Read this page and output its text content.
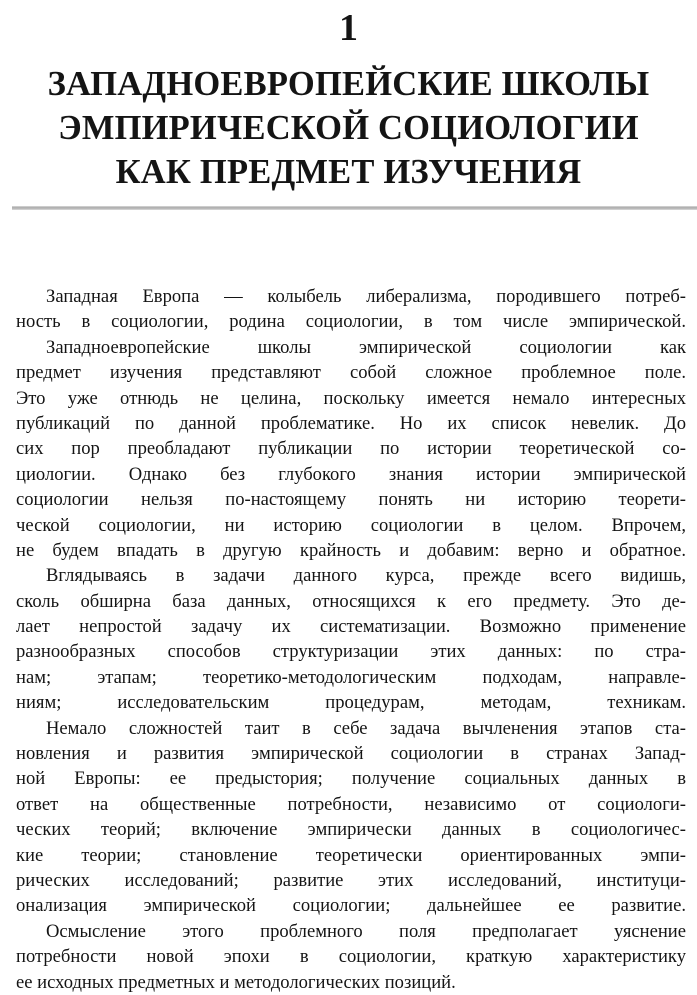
1
ЗАПАДНОЕВРОПЕЙСКИЕ ШКОЛЫ
ЭМПИРИЧЕСКОЙ СОЦИОЛОГИИ
КАК ПРЕДМЕТ ИЗУЧЕНИЯ
Западная Европа — колыбель либерализма, породившего потреб-
ность в социологии, родина социологии, в том числе эмпирической.
Западноевропейские школы эмпирической социологии как
предмет изучения представляют собой сложное проблемное поле.
Это уже отнюдь не целина, поскольку имеется немало интересных
публикаций по данной проблематике. Но их список невелик. До
сих пор преобладают публикации по истории теоретической со-
циологии. Однако без глубокого знания истории эмпирической
социологии нельзя по-настоящему понять ни историю теорети-
ческой социологии, ни историю социологии в целом. Впрочем,
не будем впадать в другую крайность и добавим: верно и обратное.
Вглядываясь в задачи данного курса, прежде всего видишь,
сколь обширна база данных, относящихся к его предмету. Это де-
лает непростой задачу их систематизации. Возможно применение
разнообразных способов структуризации этих данных: по стра-
нам; этапам; теоретико-методологическим подходам, направле-
ниям; исследовательским процедурам, методам, техникам.
Немало сложностей таит в себе задача вычленения этапов ста-
новления и развития эмпирической социологии в странах Запад-
ной Европы: ее предыстория; получение социальных данных в
ответ на общественные потребности, независимо от социологи-
ческих теорий; включение эмпирически данных в социологичес-
кие теории; становление теоретически ориентированных эмпи-
рических исследований; развитие этих исследований, институци-
онализация эмпирической социологии; дальнейшее ее развитие.
Осмысление этого проблемного поля предполагает уяснение
потребности новой эпохи в социологии, краткую характеристику
ее исходных предметных и методологических позиций.
